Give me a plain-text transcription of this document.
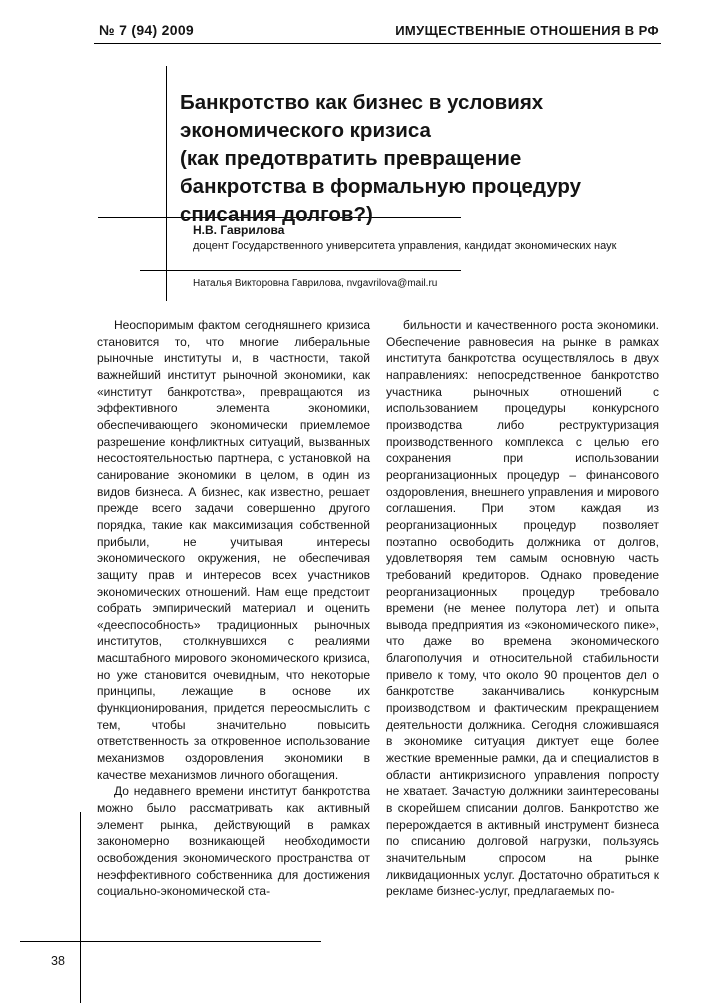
№ 7 (94) 2009	ИМУЩЕСТВЕННЫЕ ОТНОШЕНИЯ В РФ
Банкротство как бизнес в условиях
экономического кризиса
(как предотвратить превращение
банкротства в формальную процедуру
списания долгов?)
Н.В. Гаврилова
доцент Государственного университета управления, кандидат экономических наук
Наталья Викторовна Гаврилова, nvgavrilova@mail.ru

Неоспоримым фактом сегодняшнего кризиса становится то, что многие либеральные рыночные институты и, в частности, такой важнейший институт рыночной экономики, как «институт банкротства», превращаются из эффективного элемента экономики, обеспечивающего экономически приемлемое разрешение конфликтных ситуаций, вызванных несостоятельностью партнера, с установкой на санирование экономики в целом, в один из видов бизнеса. А бизнес, как известно, решает прежде всего задачи совершенно другого порядка, такие как максимизация собственной прибыли, не учитывая интересы экономического окружения, не обеспечивая защиту прав и интересов всех участников экономических отношений. Нам еще предстоит собрать эмпирический материал и оценить «дееспособность» традиционных рыночных институтов, столкнувшихся с реалиями масштабного мирового экономического кризиса, но уже становится очевидным, что некоторые принципы, лежащие в основе их функционирования, придется переосмыслить с тем, чтобы значительно повысить ответственность за откровенное использование механизмов оздоровления экономики в качестве механизмов личного обогащения.

До недавнего времени институт банкротства можно было рассматривать как активный элемент рынка, действующий в рамках закономерно возникающей необходимости освобождения экономического пространства от неэффективного собственника для достижения социально-экономической ста-

бильности и качественного роста экономики. Обеспечение равновесия на рынке в рамках института банкротства осуществлялось в двух направлениях: непосредственное банкротство участника рыночных отношений с использованием процедуры конкурсного производства либо реструктуризация производственного комплекса с целью его сохранения при использовании реорганизационных процедур – финансового оздоровления, внешнего управления и мирового соглашения. При этом каждая из реорганизационных процедур позволяет поэтапно освободить должника от долгов, удовлетворяя тем самым основную часть требований кредиторов. Однако проведение реорганизационных процедур требовало времени (не менее полутора лет) и опыта вывода предприятия из «экономического пике», что даже во времена экономического благополучия и относительной стабильности привело к тому, что около 90 процентов дел о банкротстве заканчивались конкурсным производством и фактическим прекращением деятельности должника. Сегодня сложившаяся в экономике ситуация диктует еще более жесткие временные рамки, да и специалистов в области антикризисного управления попросту не хватает. Зачастую должники заинтересованы в скорейшем списании долгов. Банкротство же перерождается в активный инструмент бизнеса по списанию долговой нагрузки, пользуясь значительным спросом на рынке ликвидационных услуг. Достаточно обратиться к рекламе бизнес-услуг, предлагаемых по-

38
